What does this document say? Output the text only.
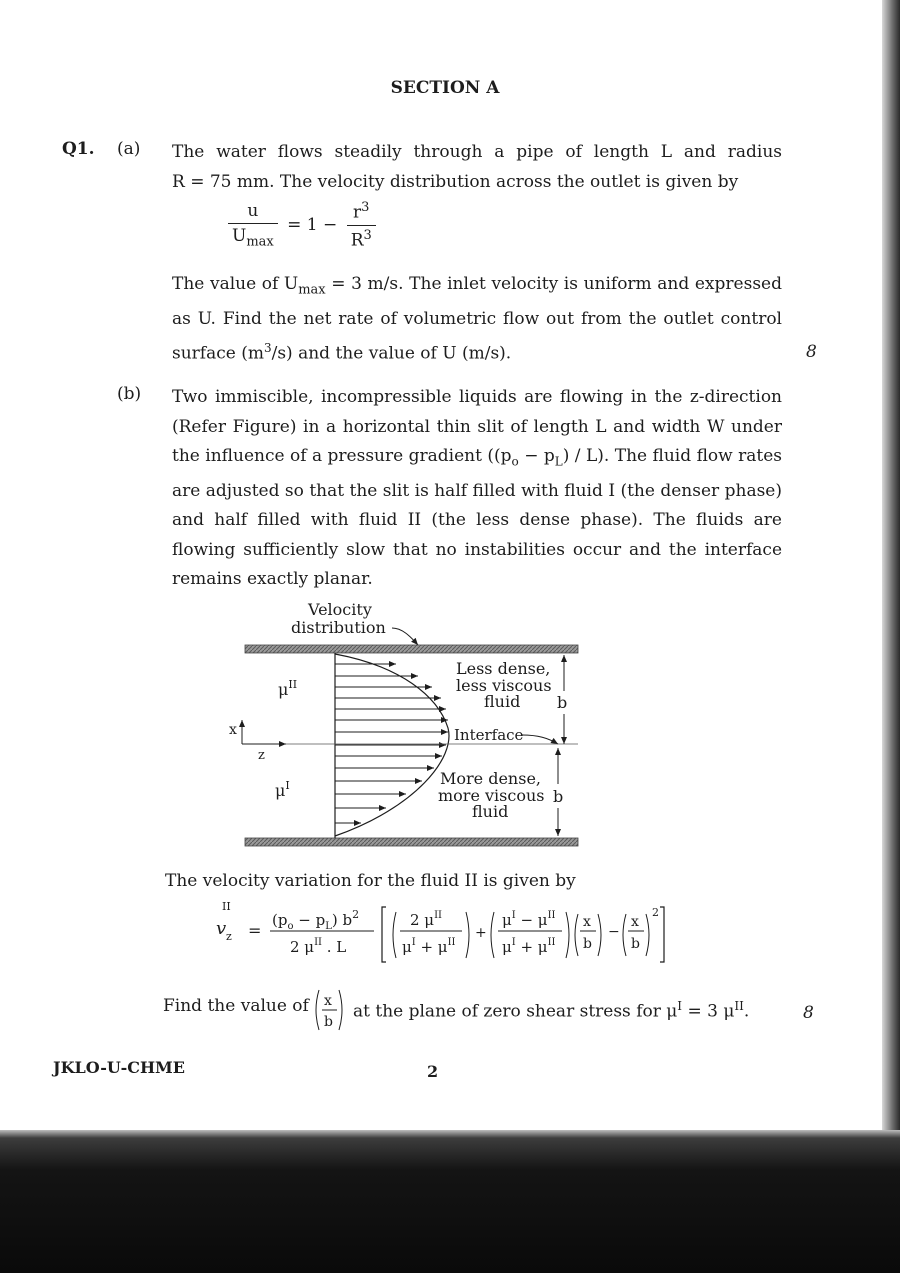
SECTION A
Q1. (a) The water flows steadily through a pipe of length L and radius
R = 75 mm. The velocity distribution across the outlet is given by
$\frac{u}{U_{max}} = 1 - \frac{r^3}{R^3}$
The value of $U_{max} = 3$ m/s. The inlet velocity is uniform and expressed as U. Find the net rate of volumetric flow out from the outlet control surface $(m^3/s)$ and the value of U (m/s).	8
(b) Two immiscible, incompressible liquids are flowing in the z-direction (Refer Figure) in a horizontal thin slit of length L and width W under the influence of a pressure gradient $((p_o - p_L) / L)$. The fluid flow rates are adjusted so that the slit is half filled with fluid I (the denser phase) and half filled with fluid II (the less dense phase). The fluids are flowing sufficiently slow that no instabilities occur and the interface remains exactly planar.
Velocity
distribution
$\mu^{II}$
$\mu^I$
x
z
Less dense,
less viscous
fluid
Interface
More dense,
more viscous
fluid
b
b
The velocity variation for the fluid II is given by
II
v z =
$(p_o - p_L)$ $b^2$
2 $\mu^{II}$ . L
2 $\mu^{II}$
$\mu^I + \mu^{II}$
+
$\mu^I - \mu^{II}$
$\mu^I + \mu^{II}$
x
b
−
x
b
2
Find the value of x
b
at the plane of zero shear stress for $\mu^I = 3$ $\mu^{II}$.	8
JKLO-U-CHME	2
